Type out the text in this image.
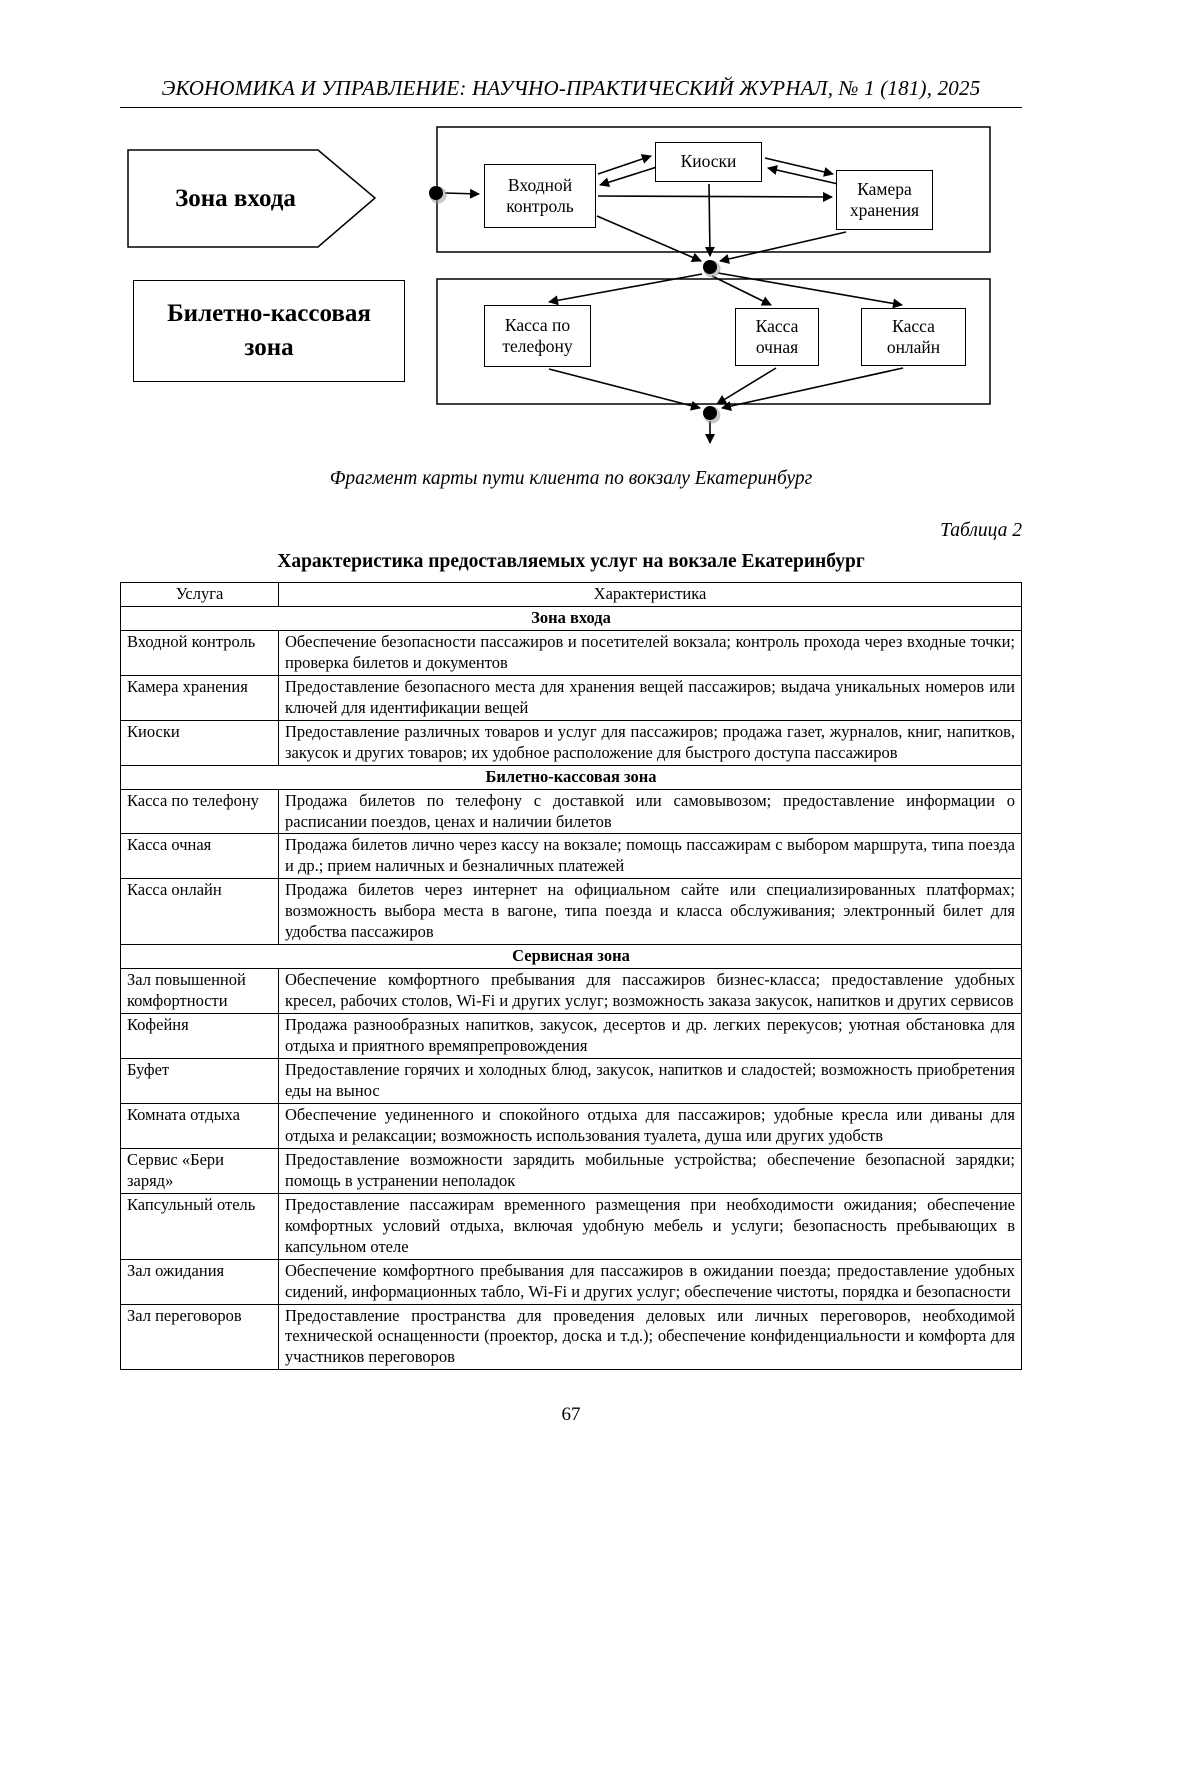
ЭКОНОМИКА И УПРАВЛЕНИЕ: НАУЧНО-ПРАКТИЧЕСКИЙ ЖУРНАЛ, № 1 (181), 2025
Зона входа	Входной контроль
Киоски
Камера хранения
Билетно-кассовая зона
Касса по телефону
Касса очная
Касса онлайн
Фрагмент карты пути клиента по вокзалу Екатеринбург
Таблица 2
Характеристика предоставляемых услуг на вокзале Екатеринбург
Услуга	Характеристика
Зона входа	
Входной контроль	Обеспечение безопасности пассажиров и посетителей вокзала; контроль прохода через входные точки; проверка билетов и документов
Камера хранения	Предоставление безопасного места для хранения вещей пассажиров; выдача уникальных номеров или ключей для идентификации вещей
Киоски	Предоставление различных товаров и услуг для пассажиров; продажа газет, журналов, книг, напитков, закусок и других товаров; их удобное расположение для быстрого доступа пассажиров
Билетно-кассовая зона	
Касса по телефону	Продажа билетов по телефону с доставкой или самовывозом; предоставление информации о расписании поездов, ценах и наличии билетов
Касса очная	Продажа билетов лично через кассу на вокзале; помощь пассажирам с выбором маршрута, типа поезда и др.; прием наличных и безналичных платежей
Касса онлайн	Продажа билетов через интернет на официальном сайте или специализированных платформах; возможность выбора места в вагоне, типа поезда и класса обслуживания; электронный билет для удобства пассажиров
Сервисная зона	
Зал повышенной комфортности	Обеспечение комфортного пребывания для пассажиров бизнес-класса; предоставление удобных кресел, рабочих столов, Wi-Fi и других услуг; возможность заказа закусок, напитков и других сервисов
Кофейня	Продажа разнообразных напитков, закусок, десертов и др. легких перекусов; уютная обстановка для отдыха и приятного времяпрепровождения
Буфет	Предоставление горячих и холодных блюд, закусок, напитков и сладостей; возможность приобретения еды на вынос
Комната отдыха	Обеспечение уединенного и спокойного отдыха для пассажиров; удобные кресла или диваны для отдыха и релаксации; возможность использования туалета, душа или других удобств
Сервис «Бери заряд»	Предоставление возможности зарядить мобильные устройства; обеспечение безопасной зарядки; помощь в устранении неполадок
Капсульный отель	Предоставление пассажирам временного размещения при необходимости ожидания; обеспечение комфортных условий отдыха, включая удобную мебель и услуги; безопасность пребывающих в капсульном отеле
Зал ожидания	Обеспечение комфортного пребывания для пассажиров в ожидании поезда; предоставление удобных сидений, информационных табло, Wi-Fi и других услуг; обеспечение чистоты, порядка и безопасности
Зал переговоров	Предоставление пространства для проведения деловых или личных переговоров, необходимой технической оснащенности (проектор, доска и т.д.); обеспечение конфиденциальности и комфорта для участников переговоров
67
